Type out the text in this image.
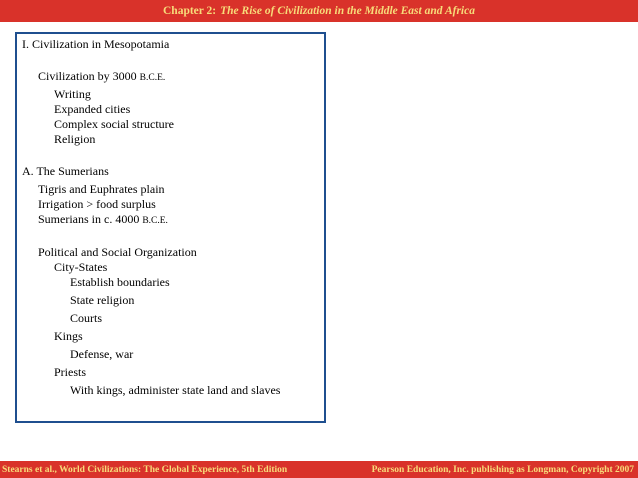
Chapter 2: The Rise of Civilization in the Middle East and Africa
I. Civilization in Mesopotamia
Civilization by 3000 B.C.E.
Writing
Expanded cities
Complex social structure
Religion
A. The Sumerians
Tigris and Euphrates plain
Irrigation > food surplus
Sumerians in c. 4000 B.C.E.
Political and Social Organization
City-States
Establish boundaries
State religion
Courts
Kings
Defense, war
Priests
With kings, administer state land and slaves
Stearns et al., World Civilizations: The Global Experience, 5th Edition	Pearson Education, Inc. publishing as Longman, Copyright 2007
